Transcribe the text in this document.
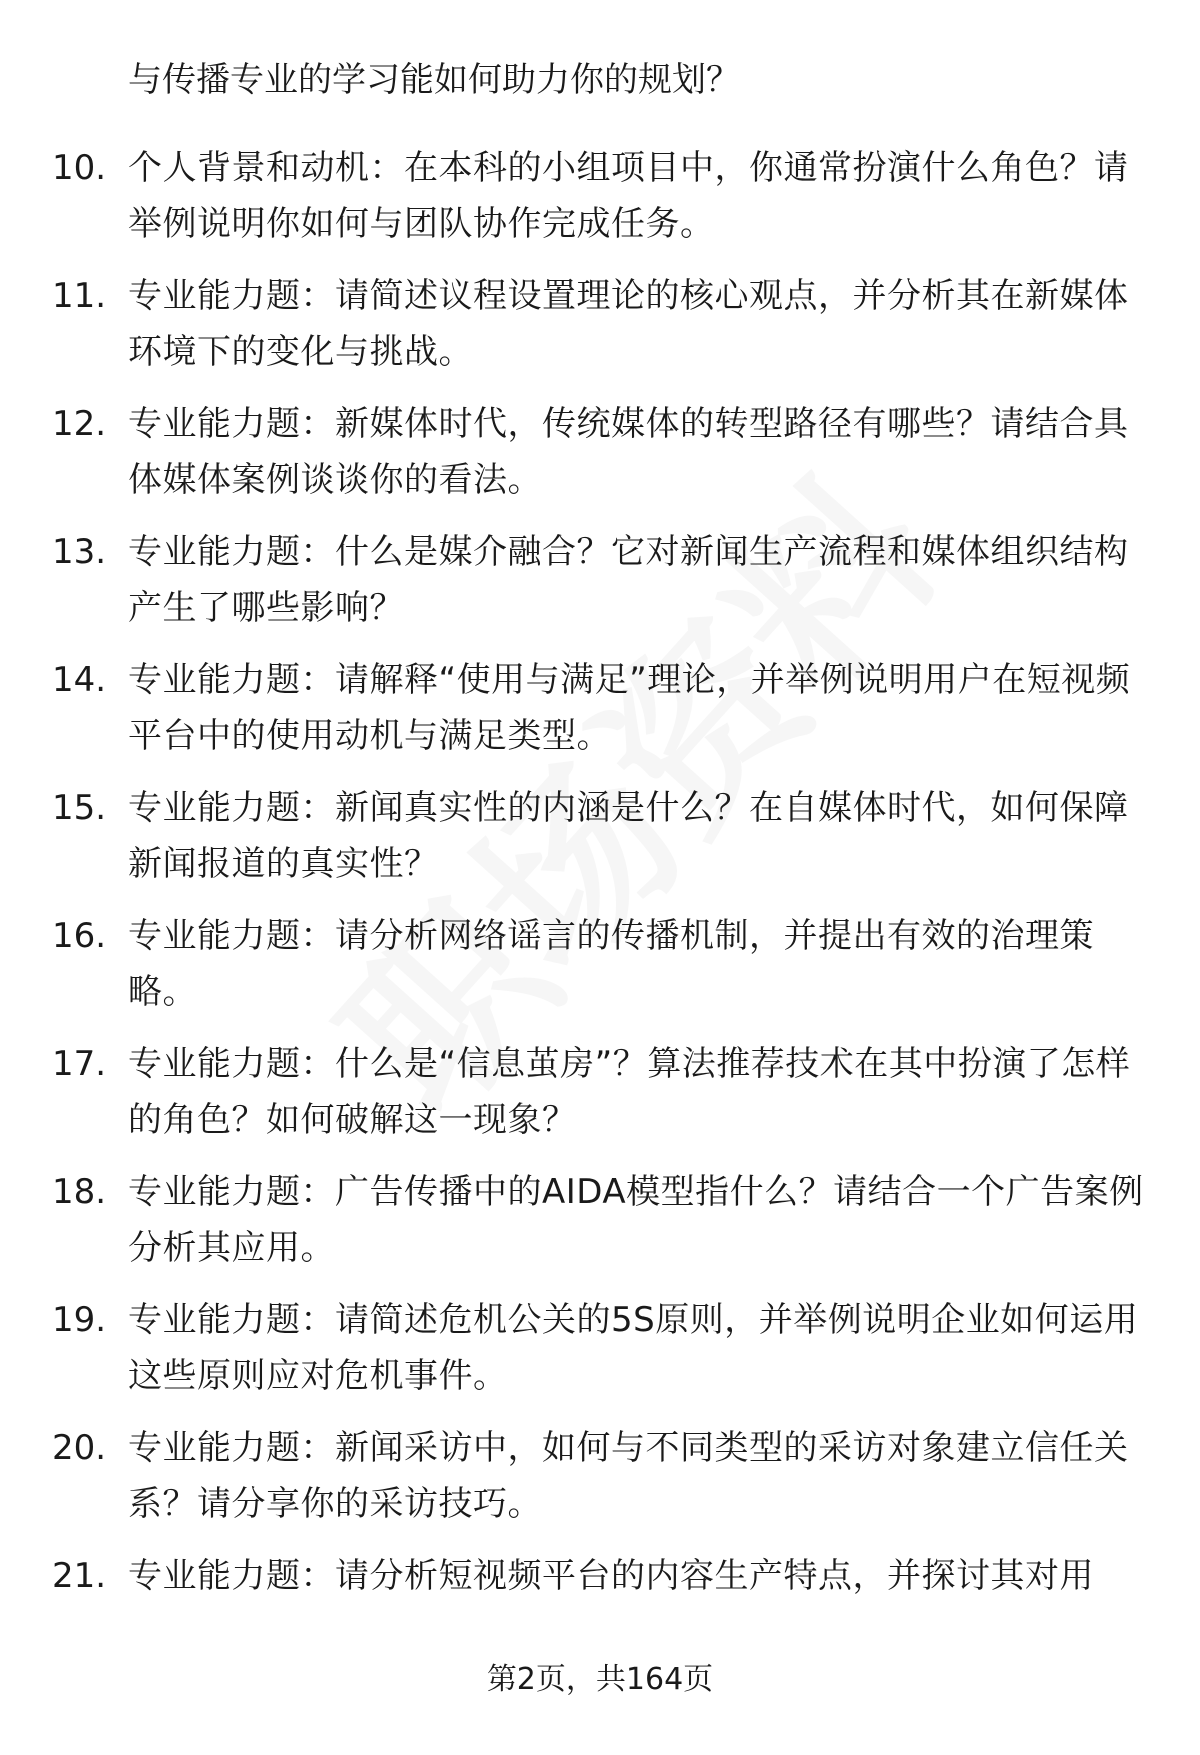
与传播专业的学习能如何助力你的规划？
10. 个人背景和动机：在本科的小组项目中，你通常扮演什么角色？请举例说明你如何与团队协作完成任务。
11. 专业能力题：请简述议程设置理论的核心观点，并分析其在新媒体环境下的变化与挑战。
12. 专业能力题：新媒体时代，传统媒体的转型路径有哪些？请结合具体媒体案例谈谈你的看法。
13. 专业能力题：什么是媒介融合？它对新闻生产流程和媒体组织结构产生了哪些影响？
14. 专业能力题：请解释“使用与满足”理论，并举例说明用户在短视频平台中的使用动机与满足类型。
15. 专业能力题：新闻真实性的内涵是什么？在自媒体时代，如何保障新闻报道的真实性？
16. 专业能力题：请分析网络谣言的传播机制，并提出有效的治理策略。
17. 专业能力题：什么是“信息茧房”？算法推荐技术在其中扮演了怎样的角色？如何破解这一现象？
18. 专业能力题：广告传播中的AIDA模型指什么？请结合一个广告案例分析其应用。
19. 专业能力题：请简述危机公关的5S原则，并举例说明企业如何运用这些原则应对危机事件。
20. 专业能力题：新闻采访中，如何与不同类型的采访对象建立信任关系？请分享你的采访技巧。
21. 专业能力题：请分析短视频平台的内容生产特点，并探讨其对用
第2页，共164页
